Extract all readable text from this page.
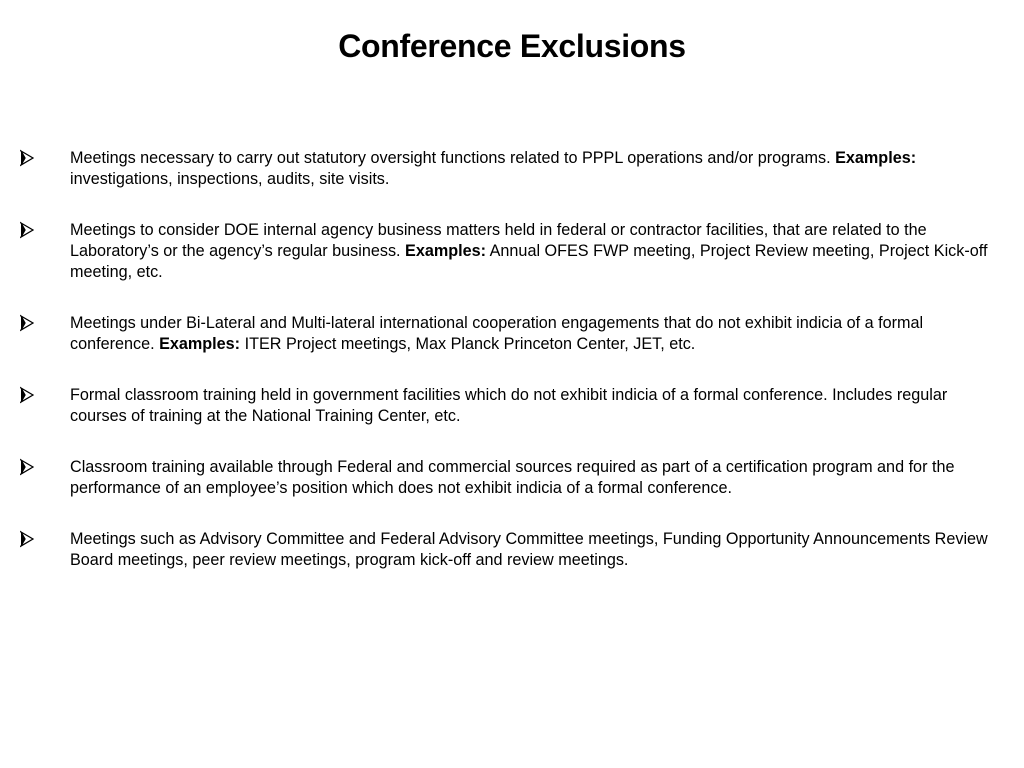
Conference Exclusions
Meetings necessary to carry out statutory oversight functions related to PPPL operations and/or programs. Examples: investigations, inspections, audits, site visits.
Meetings to consider DOE internal agency business matters held in federal or contractor facilities, that are related to the Laboratory’s or the agency’s regular business. Examples: Annual OFES FWP meeting, Project Review meeting, Project Kick-off meeting, etc.
Meetings under Bi-Lateral and Multi-lateral international cooperation engagements that do not exhibit indicia of a formal conference. Examples: ITER Project meetings, Max Planck Princeton Center, JET, etc.
Formal classroom training held in government facilities which do not exhibit indicia of a formal conference. Includes regular courses of training at the National Training Center, etc.
Classroom training available through Federal and commercial sources required as part of a certification program and for the performance of an employee’s position which does not exhibit indicia of a formal conference.
Meetings such as Advisory Committee and Federal Advisory Committee meetings, Funding Opportunity Announcements Review Board meetings, peer review meetings, program kick-off and review meetings.
